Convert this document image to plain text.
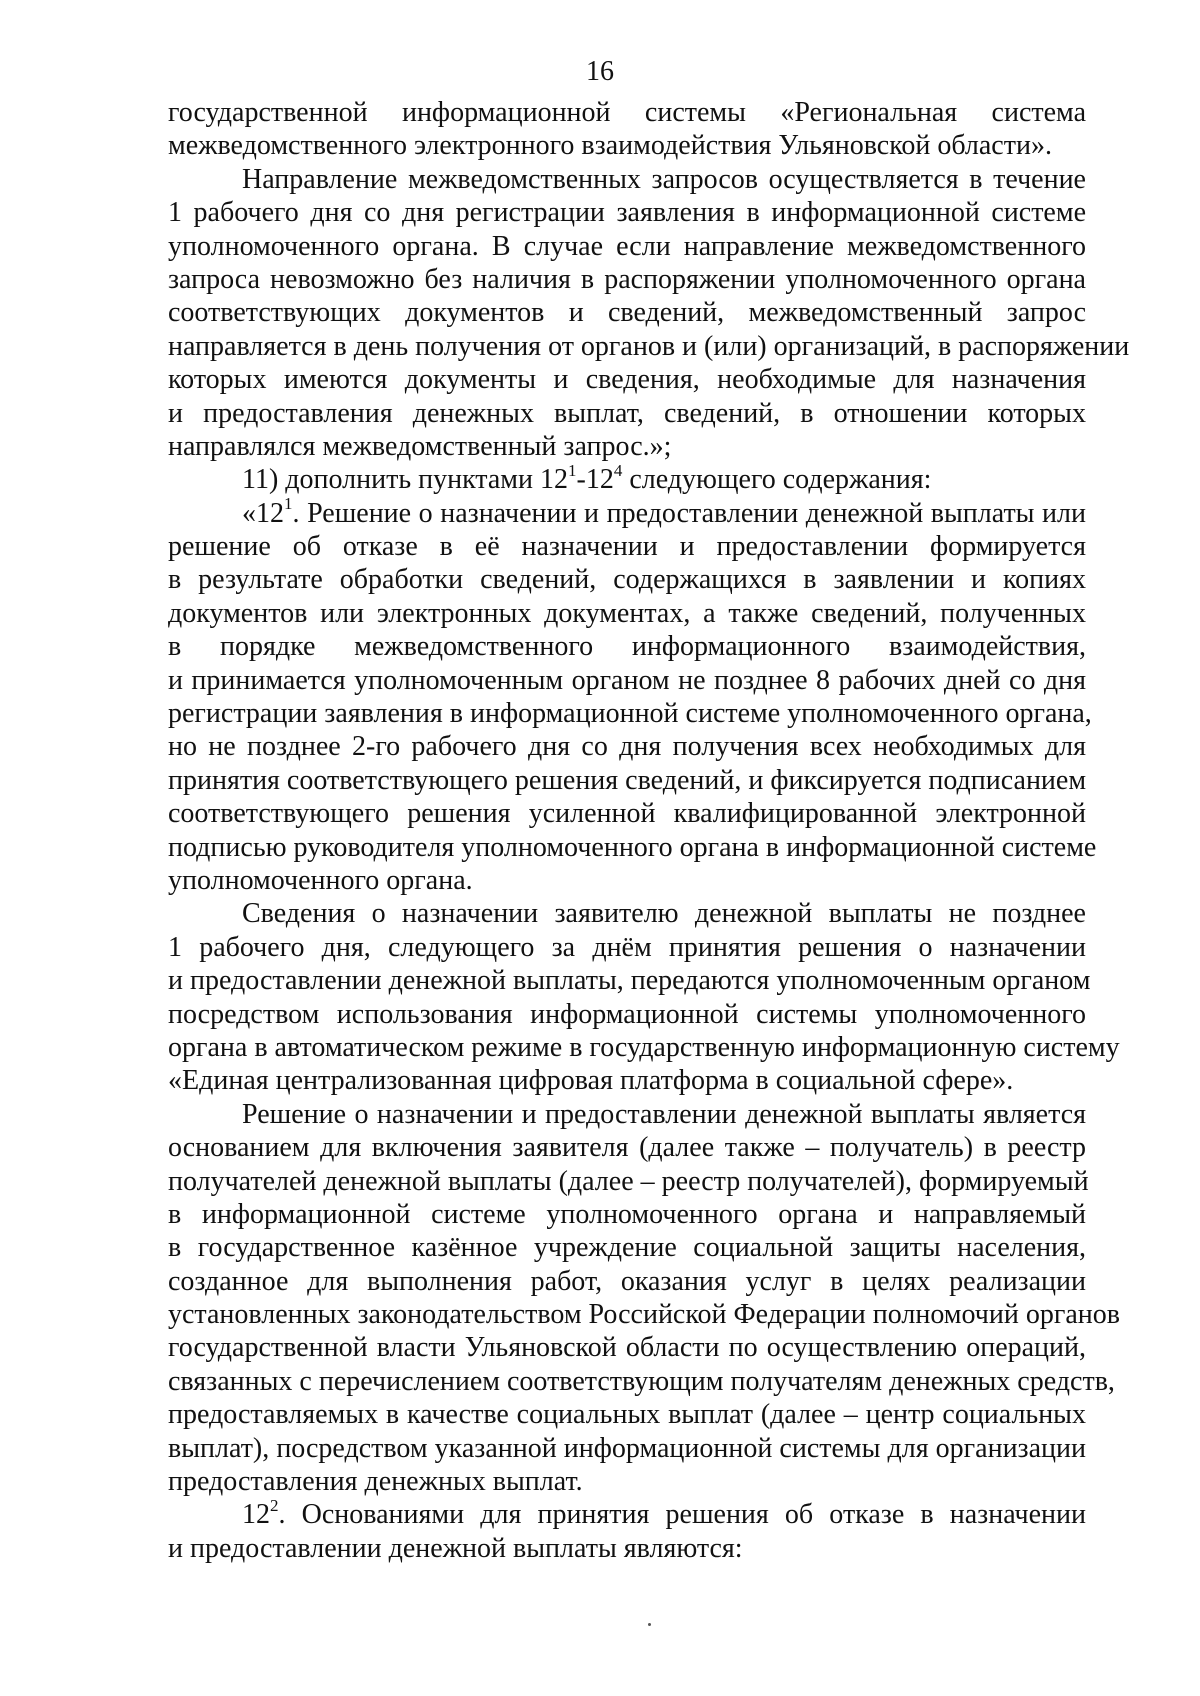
16
государственной информационной системы «Региональная система
межведомственного электронного взаимодействия Ульяновской области».
Направление межведомственных запросов осуществляется в течение
1 рабочего дня со дня регистрации заявления в информационной системе
уполномоченного органа. В случае если направление межведомственного
запроса невозможно без наличия в распоряжении уполномоченного органа
соответствующих документов и сведений, межведомственный запрос
направляется в день получения от органов и (или) организаций, в распоряжении
которых имеются документы и сведения, необходимые для назначения
и предоставления денежных выплат, сведений, в отношении которых
направлялся межведомственный запрос.»;
11) дополнить пунктами $12^1-12^4$ следующего содержания:
«$12^1$. Решение о назначении и предоставлении денежной выплаты или
решение об отказе в её назначении и предоставлении формируется
в результате обработки сведений, содержащихся в заявлении и копиях
документов или электронных документах, а также сведений, полученных
в порядке межведомственного информационного взаимодействия,
и принимается уполномоченным органом не позднее 8 рабочих дней со дня
регистрации заявления в информационной системе уполномоченного органа,
но не позднее 2-го рабочего дня со дня получения всех необходимых для
принятия соответствующего решения сведений, и фиксируется подписанием
соответствующего решения усиленной квалифицированной электронной
подписью руководителя уполномоченного органа в информационной системе
уполномоченного органа.
Сведения о назначении заявителю денежной выплаты не позднее
1 рабочего дня, следующего за днём принятия решения о назначении
и предоставлении денежной выплаты, передаются уполномоченным органом
посредством использования информационной системы уполномоченного
органа в автоматическом режиме в государственную информационную систему
«Единая централизованная цифровая платформа в социальной сфере».
Решение о назначении и предоставлении денежной выплаты является
основанием для включения заявителя (далее также – получатель) в реестр
получателей денежной выплаты (далее – реестр получателей), формируемый
в информационной системе уполномоченного органа и направляемый
в государственное казённое учреждение социальной защиты населения,
созданное для выполнения работ, оказания услуг в целях реализации
установленных законодательством Российской Федерации полномочий органов
государственной власти Ульяновской области по осуществлению операций,
связанных с перечислением соответствующим получателям денежных средств,
предоставляемых в качестве социальных выплат (далее – центр социальных
выплат), посредством указанной информационной системы для организации
предоставления денежных выплат.
$12^2$. Основаниями для принятия решения об отказе в назначении
и предоставлении денежной выплаты являются:
